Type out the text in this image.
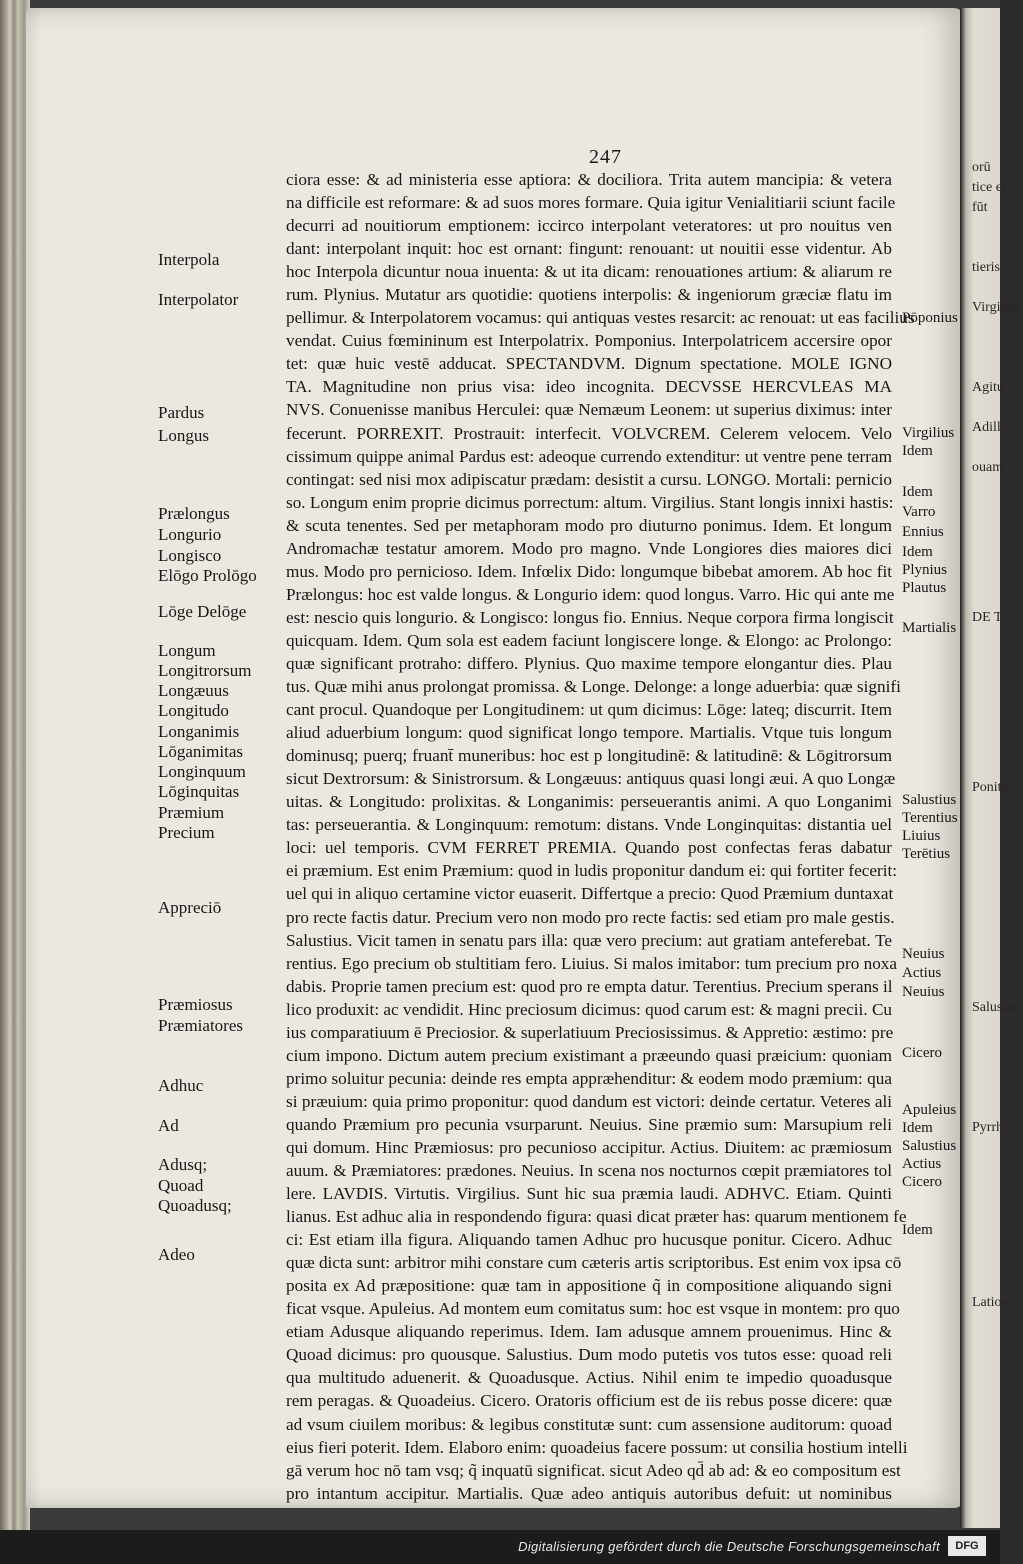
orū
tice et
fūt
tieris
Adille
ouam
Virgilius
Agitu
DE T
Ponitur
Salustius
Pyrrho
Latiora
247
ciora esse: & ad ministeria esse aptiora: & dociliora. Trita autem mancipia: & vetera
na difficile est reformare: & ad suos mores formare. Quia igitur Venialitiarii sciunt facile
decurri ad nouitiorum emptionem: iccirco interpolant veteratores: ut pro nouitus ven
dant: interpolant inquit: hoc est ornant: fingunt: renouant: ut nouitii esse videntur. Ab
hoc Interpola dicuntur noua inuenta: & ut ita dicam: renouationes artium: & aliarum re
rum. Plynius. Mutatur ars quotidie: quotiens interpolis: & ingeniorum græciæ flatu im
pellimur. & Interpolatorem vocamus: qui antiquas vestes resarcit: ac renouat: ut eas facilius
vendat. Cuius fœmininum est Interpolatrix. Pomponius. Interpolatricem accersire opor
tet: quæ huic vestē adducat. SPECTANDVM. Dignum spectatione. MOLE IGNO
TA. Magnitudine non prius visa: ideo incognita. DECVSSE HERCVLEAS MA
NVS. Conuenisse manibus Herculei: quæ Nemæum Leonem: ut superius diximus: inter
fecerunt. PORREXIT. Prostrauit: interfecit. VOLVCREM. Celerem velocem. Velo
cissimum quippe animal Pardus est: adeoque currendo extenditur: ut ventre pene terram
contingat: sed nisi mox adipiscatur prædam: desistit a cursu. LONGO. Mortali: pernicio
so. Longum enim proprie dicimus porrectum: altum. Virgilius. Stant longis innixi hastis:
& scuta tenentes. Sed per metaphoram modo pro diuturno ponimus. Idem. Et longum
Andromachæ testatur amorem. Modo pro magno. Vnde Longiores dies maiores dici
mus. Modo pro pernicioso. Idem. Infœlix Dido: longumque bibebat amorem. Ab hoc fit
Prælongus: hoc est valde longus. & Longurio idem: quod longus. Varro. Hic qui ante me
est: nescio quis longurio. & Longisco: longus fio. Ennius. Neque corpora firma longiscit
quicquam. Idem. Qum sola est eadem faciunt longiscere longe. & Elongo: ac Prolongo:
quæ significant protraho: differo. Plynius. Quo maxime tempore elongantur dies. Plau
tus. Quæ mihi anus prolongat promissa. & Longe. Delonge: a longe aduerbia: quæ signifi
cant procul. Quandoque per Longitudinem: ut qum dicimus: Lōge: lateq; discurrit. Item
aliud aduerbium longum: quod significat longo tempore. Martialis. Vtque tuis longum
dominusq; puerq; fruant̄ muneribus: hoc est p longitudinē: & latitudinē: & Lōgitrorsum
sicut Dextrorsum: & Sinistrorsum. & Longæuus: antiquus quasi longi æui. A quo Longæ
uitas. & Longitudo: prolixitas. & Longanimis: perseuerantis animi. A quo Longanimi
tas: perseuerantia. & Longinquum: remotum: distans. Vnde Longinquitas: distantia uel
loci: uel temporis. CVM FERRET PREMIA. Quando post confectas feras dabatur
ei præmium. Est enim Præmium: quod in ludis proponitur dandum ei: qui fortiter fecerit:
uel qui in aliquo certamine victor euaserit. Differtque a precio: Quod Præmium duntaxat
pro recte factis datur. Precium vero non modo pro recte factis: sed etiam pro male gestis.
Salustius. Vicit tamen in senatu pars illa: quæ vero precium: aut gratiam anteferebat. Te
rentius. Ego precium ob stultitiam fero. Liuius. Si malos imitabor: tum precium pro noxa
dabis. Proprie tamen precium est: quod pro re empta datur. Terentius. Precium sperans il
lico produxit: ac vendidit. Hinc preciosum dicimus: quod carum est: & magni precii. Cu
ius comparatiuum ē Preciosior. & superlatiuum Preciosissimus. & Appretio: æstimo: pre
cium impono. Dictum autem precium existimant a præeundo quasi præicium: quoniam
primo soluitur pecunia: deinde res empta appræhenditur: & eodem modo præmium: qua
si præuium: quia primo proponitur: quod dandum est victori: deinde certatur. Veteres ali
quando Præmium pro pecunia vsurparunt. Neuius. Sine præmio sum: Marsupium reli
qui domum. Hinc Præmiosus: pro pecunioso accipitur. Actius. Diuitem: ac præmiosum
auum. & Præmiatores: prædones. Neuius. In scena nos nocturnos cœpit præmiatores tol
lere. LAVDIS. Virtutis. Virgilius. Sunt hic sua præmia laudi. ADHVC. Etiam. Quinti
lianus. Est adhuc alia in respondendo figura: quasi dicat præter has: quarum mentionem fe
ci: Est etiam illa figura. Aliquando tamen Adhuc pro hucusque ponitur. Cicero. Adhuc
quæ dicta sunt: arbitror mihi constare cum cæteris artis scriptoribus. Est enim vox ipsa cō
posita ex Ad præpositione: quæ tam in appositione q̃ in compositione aliquando signi
ficat vsque. Apuleius. Ad montem eum comitatus sum: hoc est vsque in montem: pro quo
etiam Adusque aliquando reperimus. Idem. Iam adusque amnem prouenimus. Hinc &
Quoad dicimus: pro quousque. Salustius. Dum modo putetis vos tutos esse: quoad reli
qua multitudo aduenerit. & Quoadusque. Actius. Nihil enim te impedio quoadusque
rem peragas. & Quoadeius. Cicero. Oratoris officium est de iis rebus posse dicere: quæ
ad vsum ciuilem moribus: & legibus constitutæ sunt: cum assensione auditorum: quoad
eius fieri poterit. Idem. Elaboro enim: quoadeius facere possum: ut consilia hostium intelli
gā verum hoc nō tam vsq; q̃ inquatū significat. sicut Adeo qd̄ ab ad: & eo compositum est
pro intantum accipitur. Martialis. Quæ adeo antiquis autoribus defuit: ut nominibus
Interpola
Interpolator
Pardus
Longus
Prælongus
Longurio
Longisco
Elōgo Prolōgo
Lōge Delōge
Longum
Longitrorsum
Longæuus
Longitudo
Longanimis
Lōganimitas
Longinquum
Lōginquitas
Præmium
Precium
Appreciō
Præmiosus
Præmiatores
Adhuc
Ad
Adusq;
Quoad
Quoadusq;
Adeo
Pōponius
Virgilius
Idem
Idem
Varro
Ennius
Idem
Plynius
Plautus
Martialis
Salustius
Terentius
Liuius
Terētius
Neuius
Actius
Neuius
Cicero
Apuleius
Idem
Salustius
Actius
Cicero
Idem
Digitalisierung gefördert durch die Deutsche Forschungsgemeinschaft	DFG
